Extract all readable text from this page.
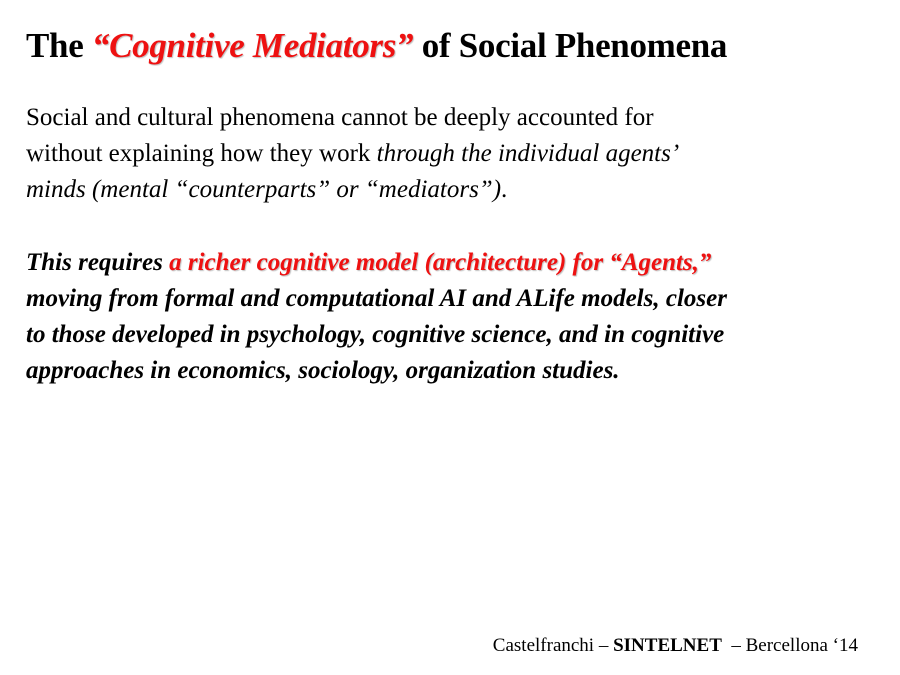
The “Cognitive Mediators” of Social Phenomena
Social and cultural phenomena cannot be deeply accounted for
without explaining how they work through the individual agents’
minds (mental “counterparts” or “mediators”).
This requires a richer cognitive model (architecture) for “Agents,”
moving from formal and computational AI and ALife models, closer
to those developed in psychology, cognitive science, and in cognitive
approaches in economics, sociology, organization studies.
Castelfranchi – SINTELNET  – Bercellona ‘14
